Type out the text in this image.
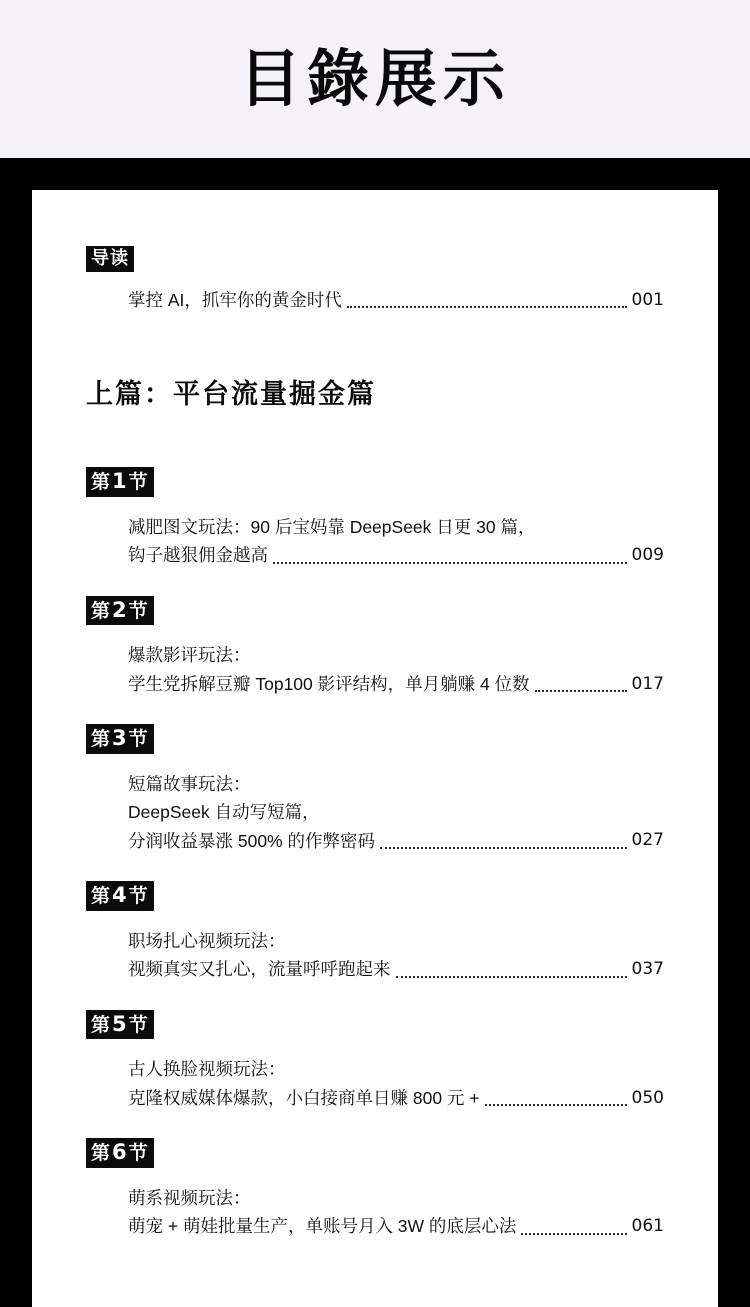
目錄展示
导读
掌控 AI，抓牢你的黄金时代	001
上篇：平台流量掘金篇
第1节
减肥图文玩法：90 后宝妈靠 DeepSeek 日更 30 篇，
钩子越狠佣金越高	009
第2节
爆款影评玩法：
学生党拆解豆瓣 Top100 影评结构，单月躺赚 4 位数	017
第3节
短篇故事玩法：
DeepSeek 自动写短篇，
分润收益暴涨 500% 的作弊密码	027
第4节
职场扎心视频玩法：
视频真实又扎心，流量呼呼跑起来	037
第5节
古人换脸视频玩法：
克隆权威媒体爆款，小白接商单日赚 800 元 +	050
第6节
萌系视频玩法：
萌宠 + 萌娃批量生产，单账号月入 3W 的底层心法	061
